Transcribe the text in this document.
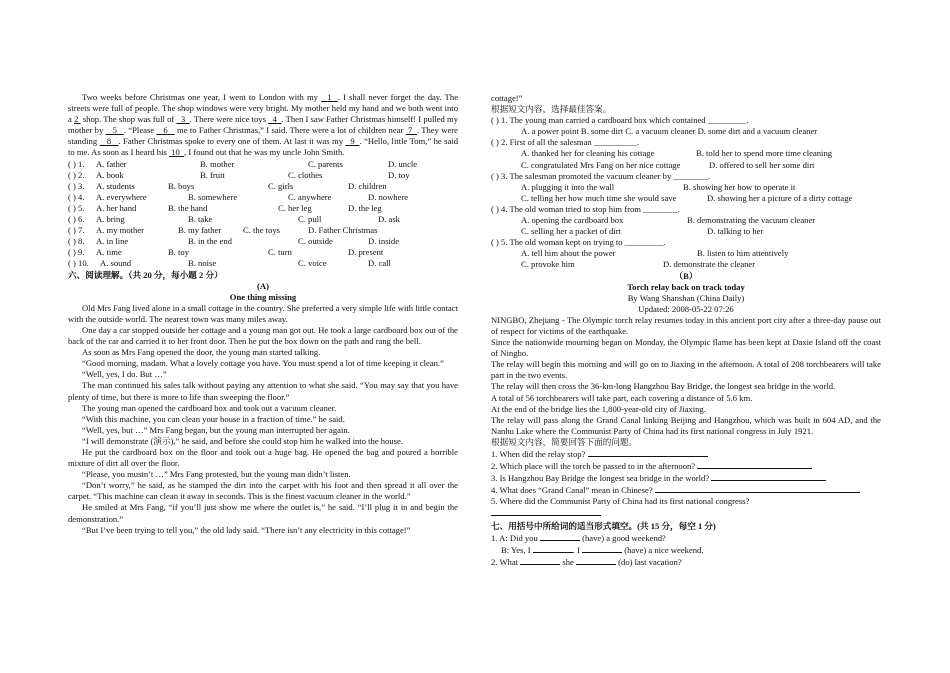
Two weeks before Christmas one year, I went to London with my 1 . I shall never forget the day. The streets were full of people. The shop windows were very bright. My mother held my hand and we both went into a 2 shop. The shop was full of 3 . There were nice toys 4 . Then I saw Father Christmas himself! I pulled my mother by 5 . “Please 6 me to Father Christmas,” I said. There were a lot of children near 7 . They were standing 8 . Father Christmas spoke to every one of them. At last it was my 9 . “Hello, little Tom,” he said to me. As soon as I heard his 10 , I found out that he was my uncle John Smith.

( ) 1. A. father	B. mother	C. parents	D. uncle
( ) 2. A. book	B. fruit	C. clothes	D. toy
( ) 3. A. students	B. boys	C. girls	D. children
( ) 4. A. everywhere	B. somewhere	C. anywhere	D. nowhere
( ) 5. A. her hand	B. the hand	C. her leg	D. the leg
( ) 6. A. bring	B. take	C. pull	D. ask
( ) 7. A. my mother	B. my father	C. the toys	D. Father Christmas
( ) 8. A. in line	B. in the end	C. outside	D. inside
( ) 9. A. time	B. toy	C. turn	D. present
( ) 10. A. sound	B. noise	C. voice	D. call

六、阅读理解。（共 20 分，每小题 2 分）

(A)

One thing missing

Old Mrs Fang lived alone in a small cottage in the country. She preferred a very simple life with little contact with the outside world. The nearest town was many miles away.

One day a car stopped outside her cottage and a young man got out. He took a large cardboard box out of the back of the car and carried it to her front door. Then he put the box down on the path and rang the bell.

As soon as Mrs Fang opened the door, the young man started talking.

“Good morning, madam. What a lovely cottage you have. You must spend a lot of time keeping it clean.”

“Well, yes, I do. But …”

The man continued his sales talk without paying any attention to what she said. “You may say that you have plenty of time, but there is more to life than sweeping the floor.”

The young man opened the cardboard box and took out a vacuum cleaner.

“With this machine, you can clean your house in a fraction of time.” he said.

“Well, yes, but …” Mrs Fang began, but the young man interrupted her again.

“I will demonstrate (演示),” he said, and before she could stop him he walked into the house.

He put the cardboard box on the floor and took out a huge bag. He opened the bag and poured a horrible mixture of dirt all over the floor.

“Please, you mustn’t …” Mrs Fang protested, but the young man didn’t listen.

“Don’t worry,” he said, as he stamped the dirt into the carpet with his foot and then spread it all over the carpet. “This machine can clean it away in seconds. This is the finest vacuum cleaner in the world.”

He smiled at Mrs Fang, “if you’ll just show me where the outlet is,” he said. “I’ll plug it in and begin the demonstration.”

“But I’ve been trying to tell you,” the old lady said. “There isn’t any electricity in this cottage!”

cottage!”

根据短文内容，选择最佳答案。

( ) 1. The young man carried a cardboard box which contained _________.

A. a power point B. some dirt C. a vacuum cleaner D. some dirt and a vacuum cleaner

( ) 2. First of all the salesman __________.

A. thanked her for cleaning his cottage	B. told her to spend more time cleaning
C. congratulated Mrs Fang on her nice cottage	D. offered to sell her some dirt

( ) 3. The salesman promoted the vacuum cleaner by ________.

A. plugging it into the wall	B. showing her how to operate it
C. telling her how much time she would save	D. showing her a picture of a dirty cottage

( ) 4. The old woman tried to stop him from ________.

A. opening the cardboard box	B. demonstrating the vacuum cleaner
C. selling her a packet of dirt	D. talking to her

( ) 5. The old woman kept on trying to _________.

A. tell him about the power	B. listen to him attentively
C. provoke him	D. demonstrate the cleaner

（B）

Torch relay back on track today

By Wang Shanshan (China Daily)

Updated: 2008-05-22 07:26

NINGBO, Zhejiang - The Olympic torch relay resumes today in this ancient port city after a three-day pause out of respect for victims of the earthquake.

Since the nationwide mourning began on Monday, the Olympic flame has been kept at Daxie Island off the coast of Ningbo.

The relay will begin this morning and will go on to Jiaxing in the afternoon. A total of 208 torchbearers will take part in the two events.

The relay will then cross the 36-km-long Hangzhou Bay Bridge, the longest sea bridge in the world.

A total of 56 torchbearers will take part, each covering a distance of 5.6 km.

At the end of the bridge lies the 1,800-year-old city of Jiaxing.

The relay will pass along the Grand Canal linking Beijing and Hangzhou, which was built in 604 AD, and the Nanhu Lake where the Communist Party of China had its first national congress in July 1921.

根据短文内容，简要回答下面的问题。

1. When did the relay stop?

2. Which place will the torch be passed to in the afternoon?

3. Is Hangzhou Bay Bridge the longest sea bridge in the world?

4. What does “Grand Canal” mean in Chinese?

5. Where did the Communist Party of China had its first national congress?

七、用括号中所给词的适当形式填空。(共 15 分，每空 1 分)

1. A: Did you	(have) a good weekend?

B: Yes, I	. I	(have) a nice weekend.

2. What	she	(do) last vacation?
